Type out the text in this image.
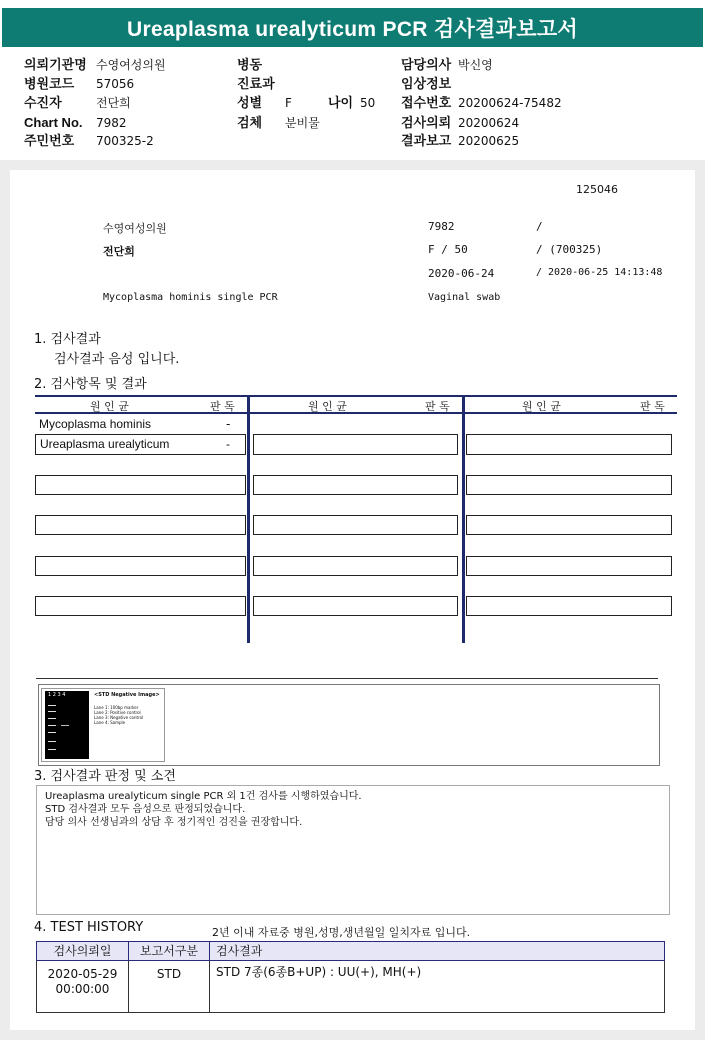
Ureaplasma urealyticum PCR 검사결과보고서
의뢰기관명 수영여성의원
병원코드 57056
수진자	전단희
Chart No. 7982
주민번호 700325-2
병동
진료과
성별 F	나이 50
검체 분비물
담당의사 박신영
임상정보
접수번호 20200624-75482
검사의뢰 20200624
결과보고 20200625
125046
수영여성의원	7982	/
전단희	F / 50	/ (700325)
2020-06-24	/ 2020-06-25 14:13:48
Mycoplasma hominis single PCR	Vaginal swab
1. 검사결과
검사결과 음성 입니다.
2. 검사항목 및 결과
원 인 균	판 독	원 인 균	판 독	원 인 균	판 독
Mycoplasma hominis	-
Ureaplasma urealyticum	-
1 2 3 4	<STD Negative Image>
Lane 1: 100bp marker
Lane 2: Positive control
Lane 3: Negative control
Lane 4: Sample
3. 검사결과 판정 및 소견
Ureaplasma urealyticum single PCR 외 1건 검사를 시행하였습니다.
STD 검사결과 모두 음성으로 판정되었습니다.
담당 의사 선생님과의 상담 후 정기적인 검진을 권장합니다.
4. TEST HISTORY	2년 이내 자료중 병원,성명,생년월일 일치자료 입니다.
검사의뢰일	보고서구분	검사결과

2020-05-29
00:00:00	STD	STD 7종(6종B+UP) : UU(+), MH(+)
